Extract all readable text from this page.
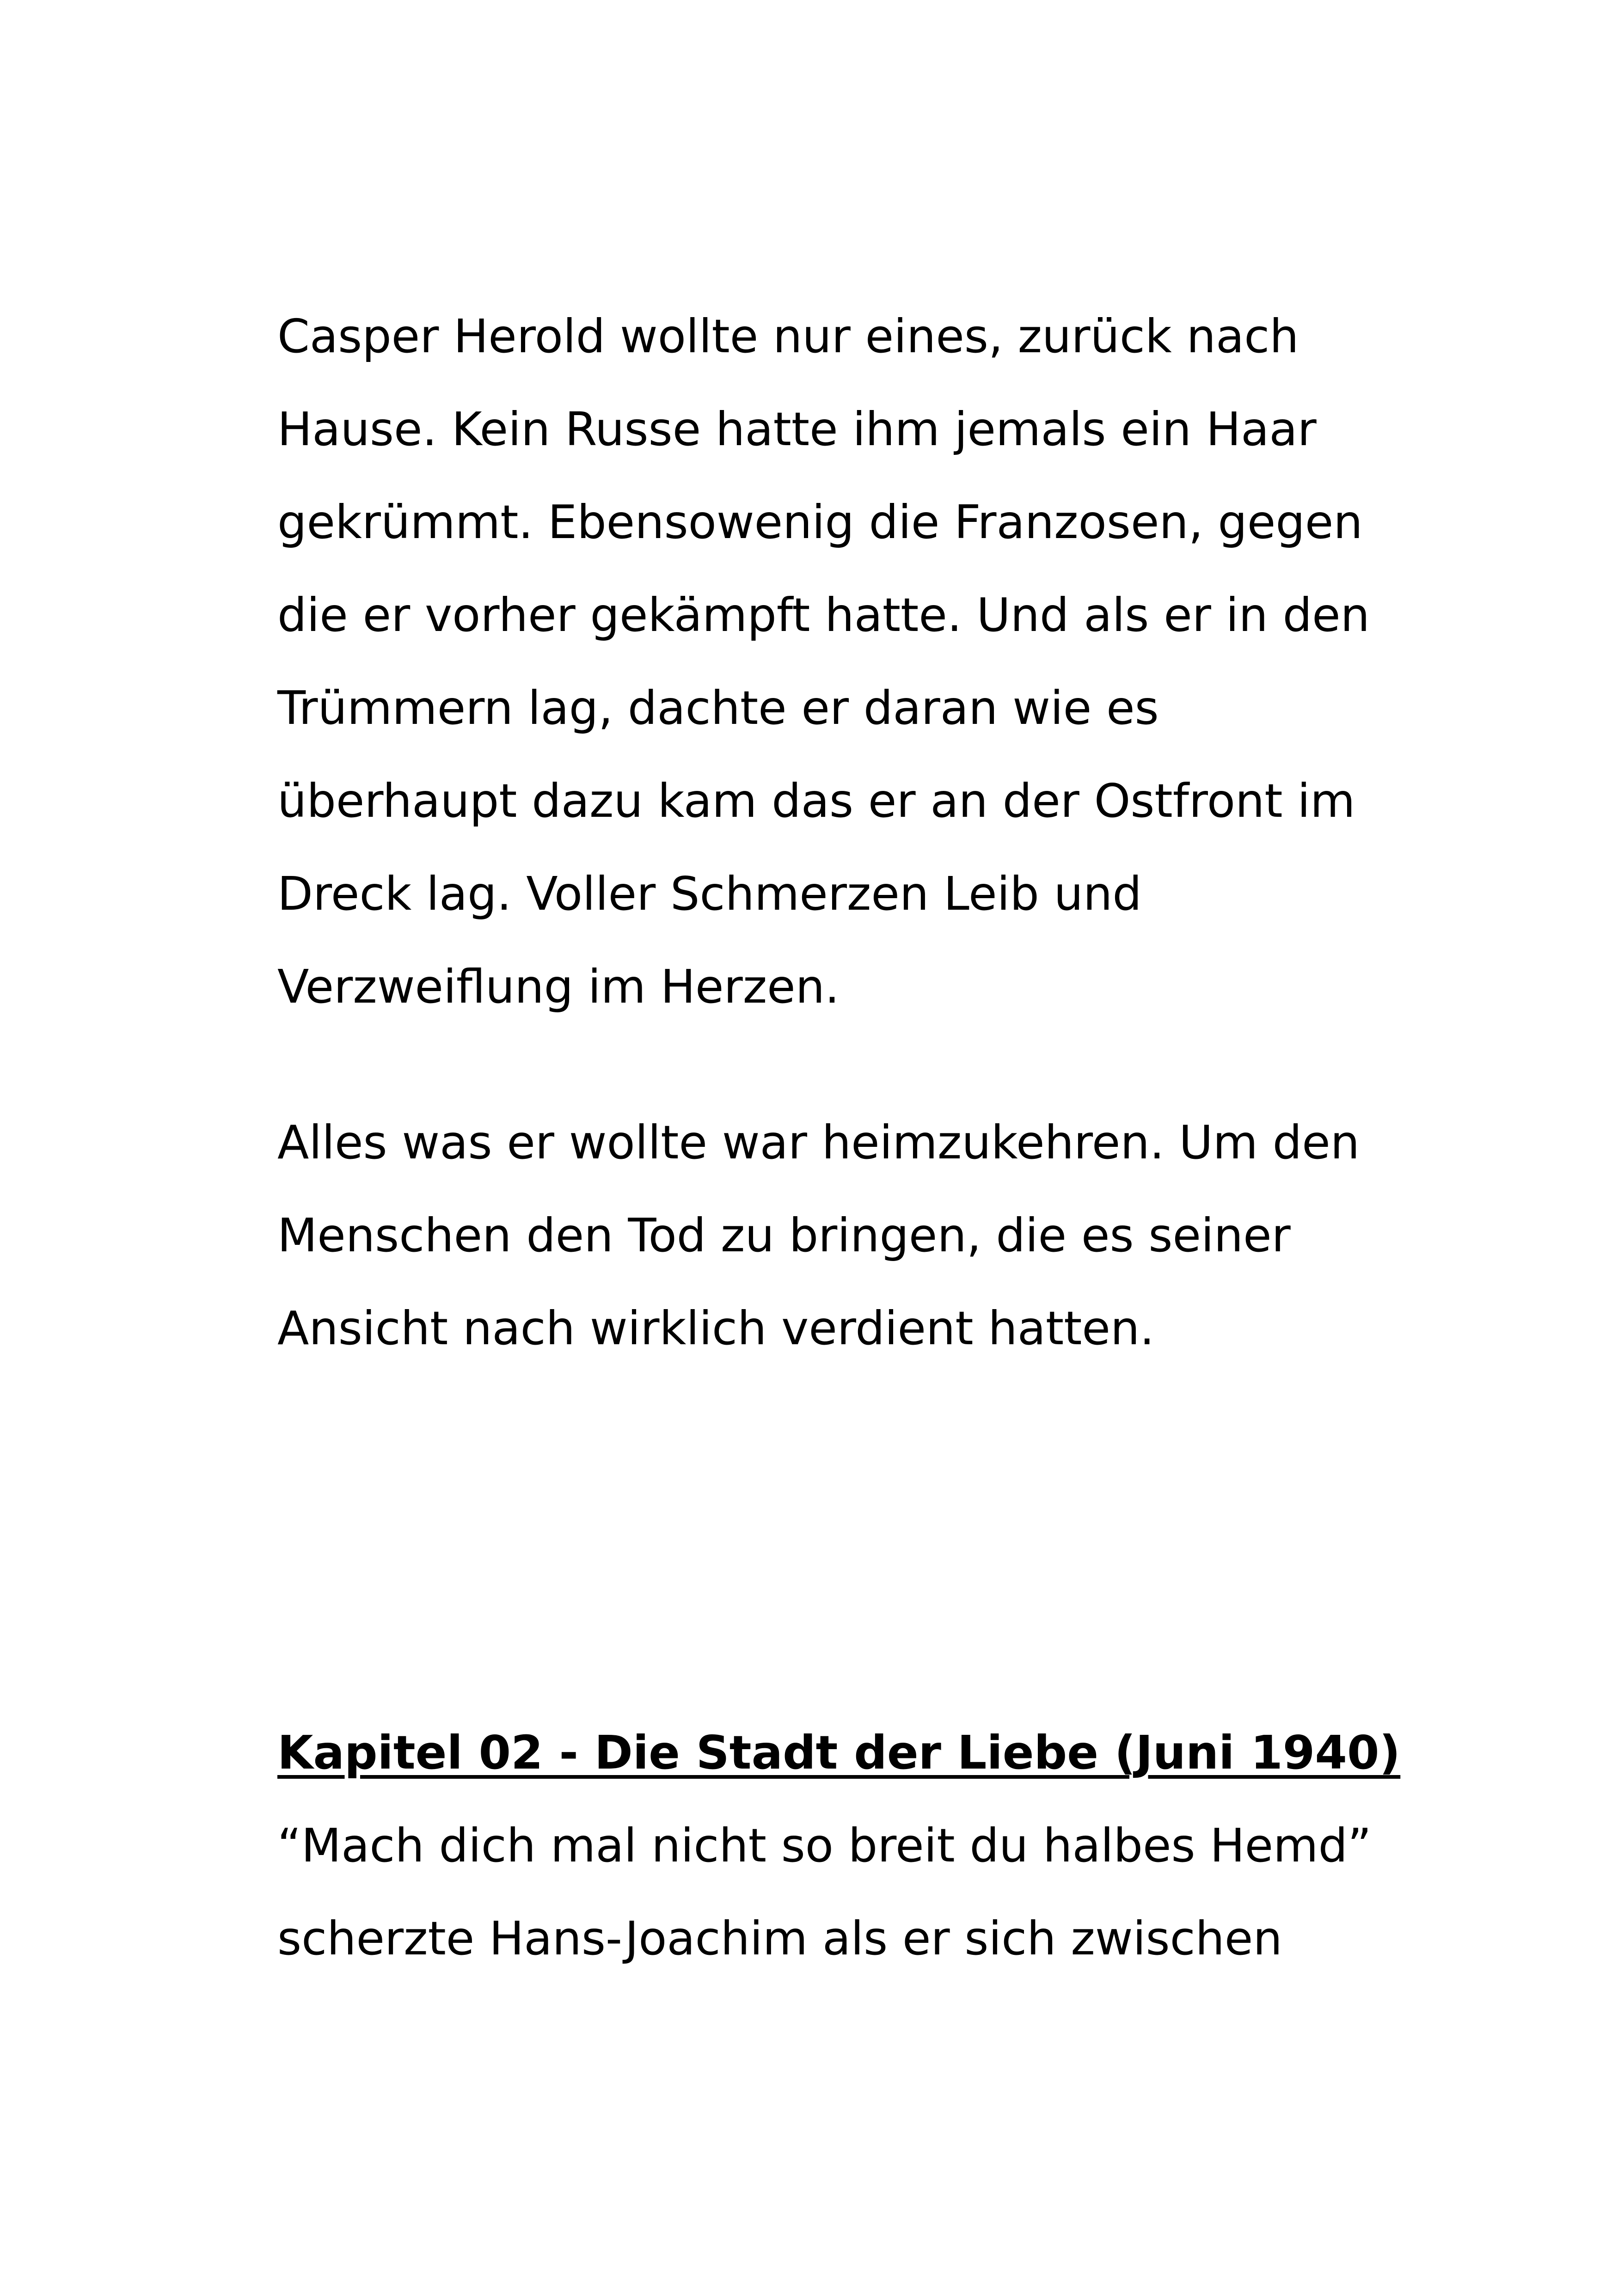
Casper Herold wollte nur eines, zurück nach
Hause. Kein Russe hatte ihm jemals ein Haar
gekrümmt. Ebensowenig die Franzosen, gegen
die er vorher gekämpft hatte. Und als er in den
Trümmern lag, dachte er daran wie es
überhaupt dazu kam das er an der Ostfront im
Dreck lag. Voller Schmerzen Leib und
Verzweiflung im Herzen.
Alles was er wollte war heimzukehren. Um den
Menschen den Tod zu bringen, die es seiner
Ansicht nach wirklich verdient hatten.
Kapitel 02 - Die Stadt der Liebe (Juni 1940)
“Mach dich mal nicht so breit du halbes Hemd”
scherzte Hans-Joachim als er sich zwischen
